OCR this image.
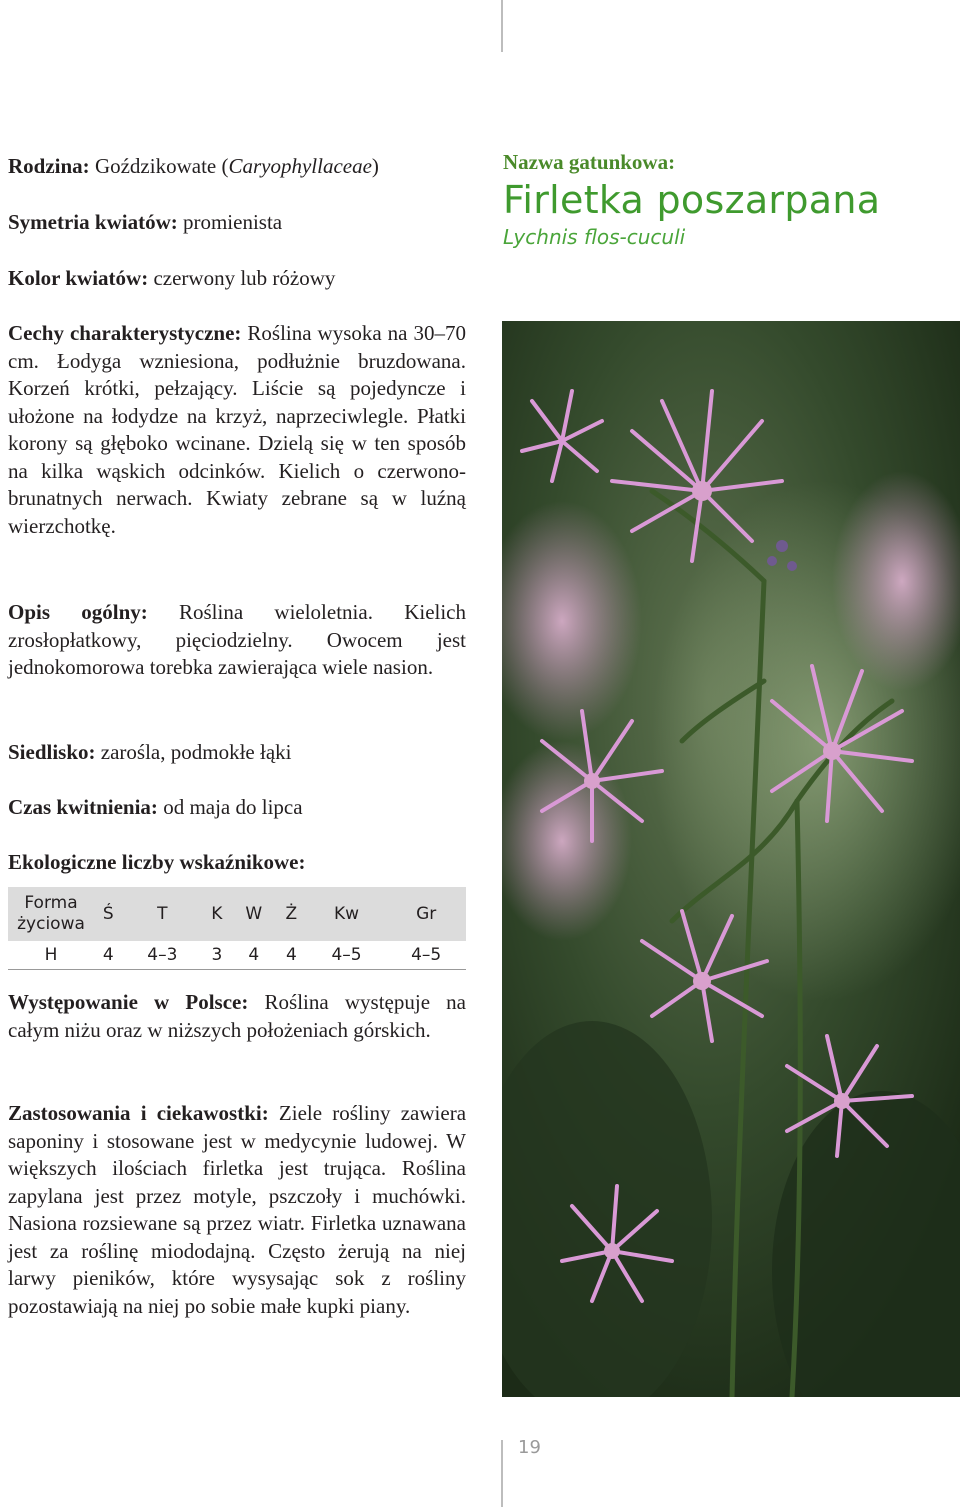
Rodzina: Goździkowate (Caryophyllaceae)

Symetria kwiatów: promienista

Kolor kwiatów: czerwony lub różowy

Cechy charakterystyczne: Roślina wysoka na 30–70 cm. Łodyga wzniesiona, podłużnie bruzdowana. Korzeń krótki, pełzający. Liście są pojedyncze i ułożone na łodydze na krzyż, naprzeciwlegle. Płatki korony są głęboko wcinane. Dzielą się w ten sposób na kilka wąskich odcinków. Kielich o czerwono-brunatnych nerwach. Kwiaty zebrane są w luźną wierzchotkę.

Opis ogólny: Roślina wieloletnia. Kielich zrosłopłatkowy, pięciodzielny. Owocem jest jednokomorowa torebka zawierająca wiele nasion.

Siedlisko: zarośla, podmokłe łąki

Czas kwitnienia: od maja do lipca

Ekologiczne liczby wskaźnikowe:

Forma życiowa	Ś	T	K	W	Ż	Kw	Gr
H	4	4–3	3	4	4	4–5	4–5

Występowanie w Polsce: Roślina występuje na całym niżu oraz w niższych położeniach górskich.

Zastosowania i ciekawostki: Ziele rośliny zawiera saponiny i stosowane jest w medycynie ludowej. W większych ilościach firletka jest trująca. Roślina zapylana jest przez motyle, pszczoły i muchówki. Nasiona rozsiewane są przez wiatr. Firletka uznawana jest za roślinę miododajną. Często żerują na niej larwy pieników, które wysysając sok z rośliny pozostawiają na niej po sobie małe kupki piany.

Nazwa gatunkowa:
Firletka poszarpana
Lychnis flos-cuculi
19
